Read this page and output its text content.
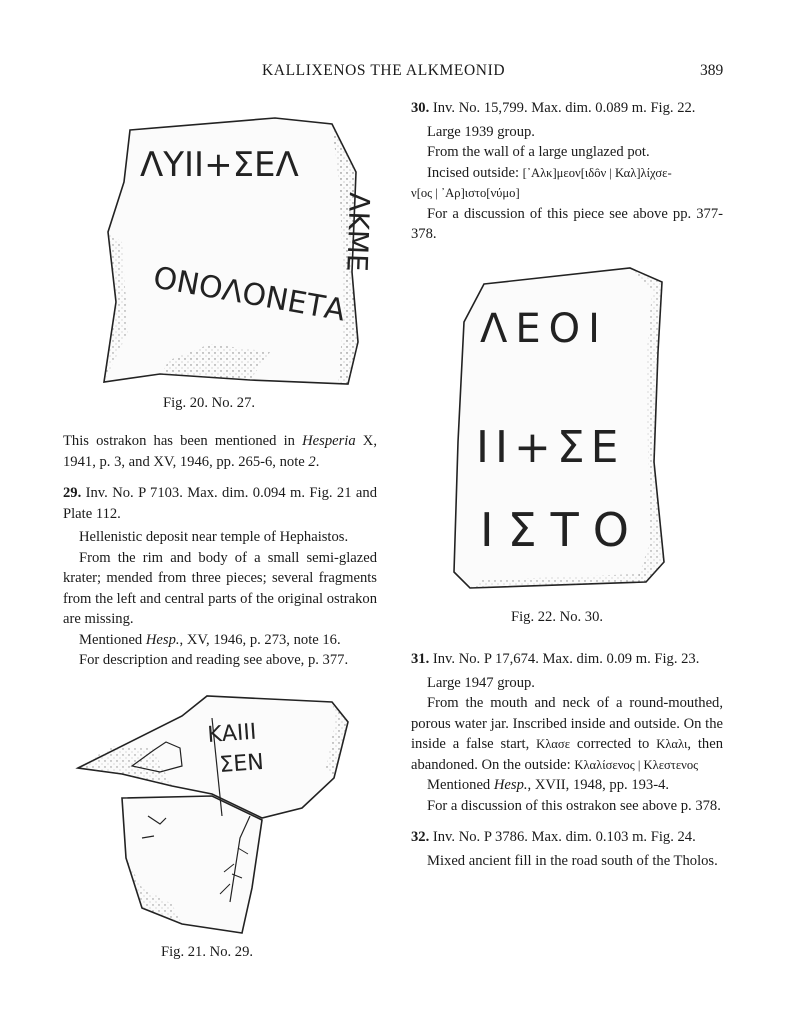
KALLIXENOS THE ALKMEONID	389
ΛΥΙΙ+ΣΕΛ
ΛΚΜΕ
ΟΝΟΛΟΝΕΤΑ
Fig. 20. No. 27.

This ostrakon has been mentioned in Hesperia X, 1941, p. 3, and XV, 1946, pp. 265-6, note 2.

29. Inv. No. P 7103. Max. dim. 0.094 m. Fig. 21 and Plate 112.

Hellenistic deposit near temple of Hephaistos.

From the rim and body of a small semi-glazed krater; mended from three pieces; several fragments from the left and central parts of the original ostrakon are missing.

Mentioned Hesp., XV, 1946, p. 273, note 16.

For description and reading see above, p. 377.

ΚΑΙΙΙ
ΣΕΝ
Fig. 21. No. 29.

30. Inv. No. 15,799. Max. dim. 0.089 m. Fig. 22.

Large 1939 group.

From the wall of a large unglazed pot.

Incised outside: [᾿Αλκ]μεον[ιδôν | Καλ]λίχσε-

ν[ος | ᾿Αρ]ιστο[νύμο]

For a discussion of this piece see above pp. 377-378.

ΛΕΟΙ
ΙΙ+ΣΕ
ΙΣΤΟ
Fig. 22. No. 30.

31. Inv. No. P 17,674. Max. dim. 0.09 m. Fig. 23.

Large 1947 group.

From the mouth and neck of a round-mouthed, porous water jar. Inscribed inside and outside. On the inside a false start, Κλασε corrected to Κλαλι, then abandoned. On the outside: Κλαλίσενος | Κλεστενος

Mentioned Hesp., XVII, 1948, pp. 193-4.

For a discussion of this ostrakon see above p. 378.

32. Inv. No. P 3786. Max. dim. 0.103 m. Fig. 24.

Mixed ancient fill in the road south of the Tholos.
